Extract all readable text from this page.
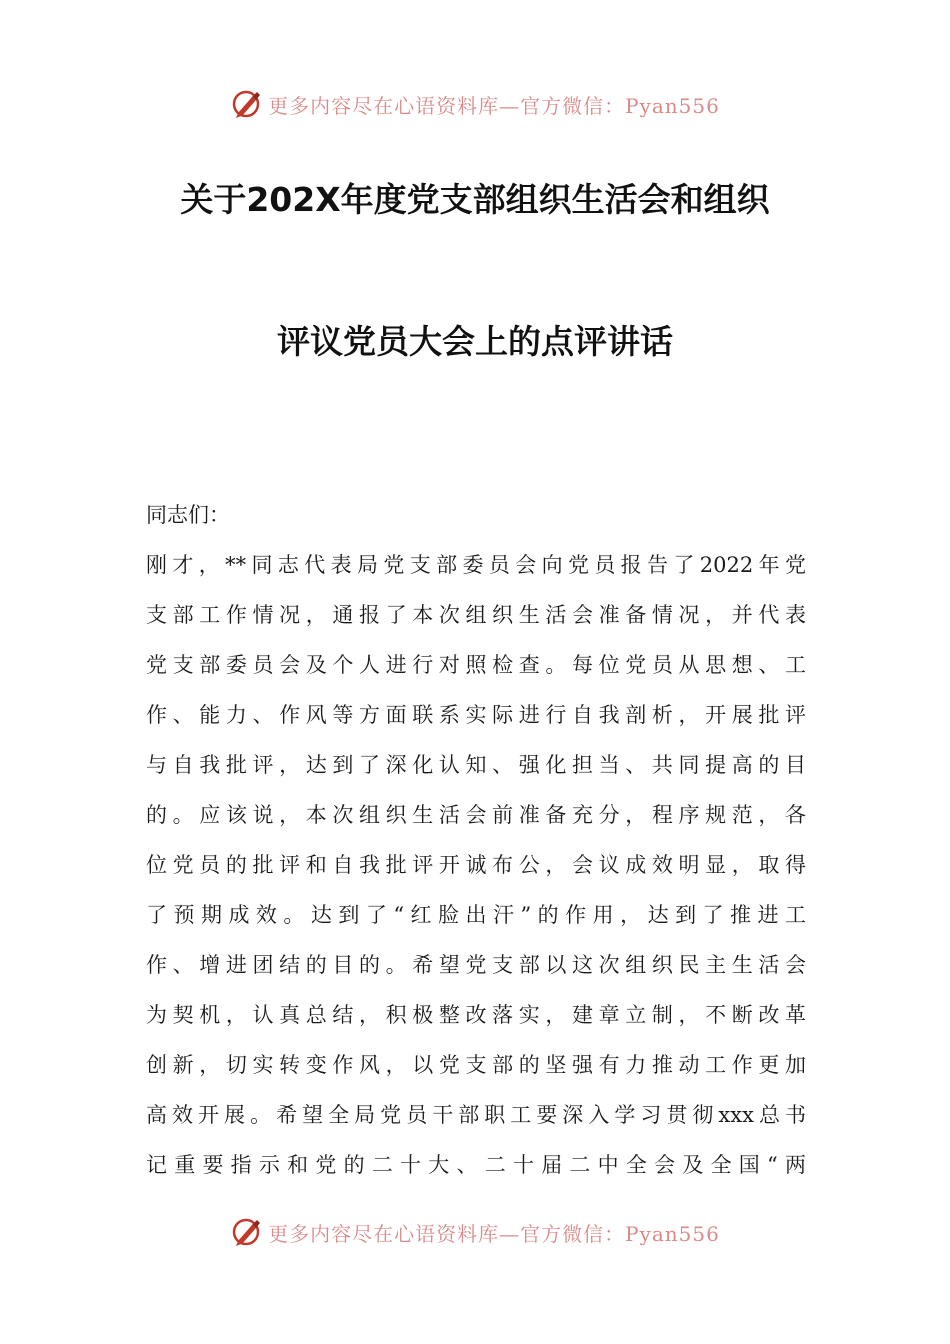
更多内容尽在心语资料库—官方微信：Pyan556
关于202X年度党支部组织生活会和组织
评议党员大会上的点评讲话
同志们：
刚才，**同志代表局党支部委员会向党员报告了2022年党
支部工作情况，通报了本次组织生活会准备情况，并代表
党支部委员会及个人进行对照检查。每位党员从思想、工
作、能力、作风等方面联系实际进行自我剖析，开展批评
与自我批评，达到了深化认知、强化担当、共同提高的目
的。应该说，本次组织生活会前准备充分，程序规范，各
位党员的批评和自我批评开诚布公，会议成效明显，取得
了预期成效。达到了“红脸出汗”的作用，达到了推进工
作、增进团结的目的。希望党支部以这次组织民主生活会
为契机，认真总结，积极整改落实，建章立制，不断改革
创新，切实转变作风，以党支部的坚强有力推动工作更加
高效开展。希望全局党员干部职工要深入学习贯彻xxx总书
记重要指示和党的二十大、二十届二中全会及全国“两
更多内容尽在心语资料库—官方微信：Pyan556
